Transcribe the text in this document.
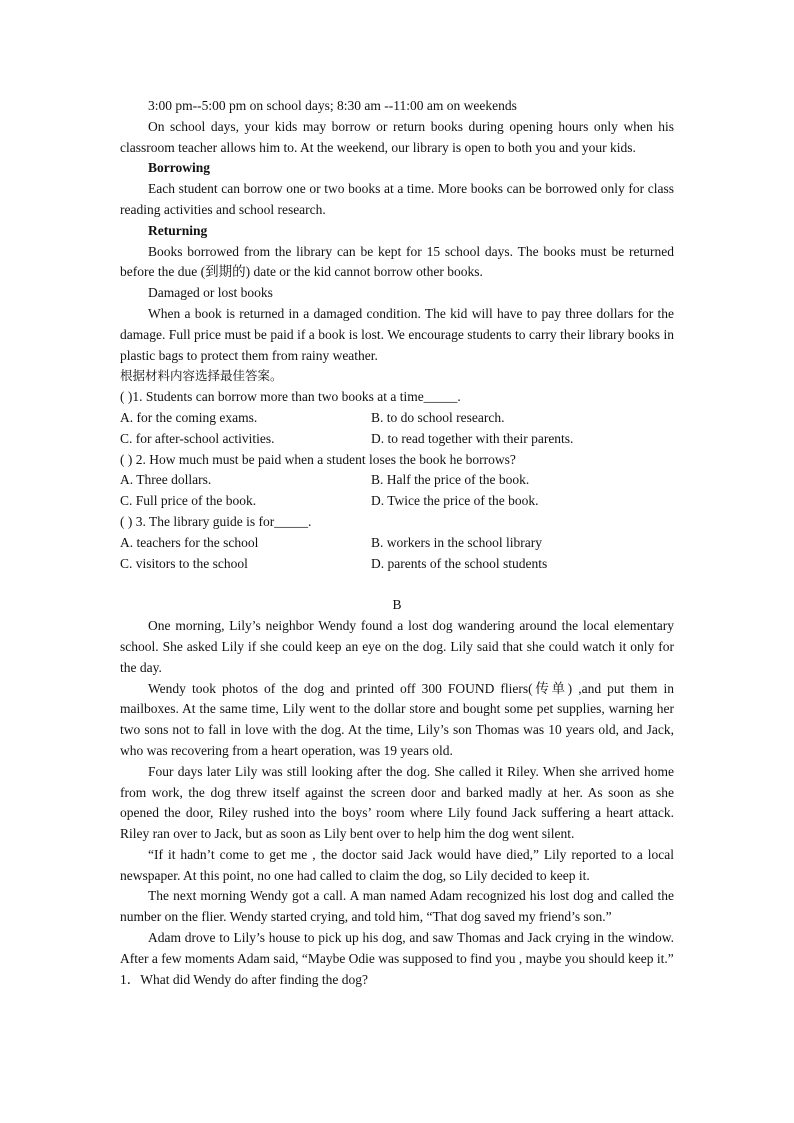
3:00 pm--5:00 pm on school days; 8:30 am --11:00 am on weekends

On school days, your kids may borrow or return books during opening hours only when his classroom teacher allows him to. At the weekend, our library is open to both you and your kids.

Borrowing

Each student can borrow one or two books at a time. More books can be borrowed only for class reading activities and school research.

Returning

Books borrowed from the library can be kept for 15 school days. The books must be returned before the due (到期的) date or the kid cannot borrow other books.

Damaged or lost books

When a book is returned in a damaged condition. The kid will have to pay three dollars for the damage. Full price must be paid if a book is lost. We encourage students to carry their library books in plastic bags to protect them from rainy weather.

根据材料内容选择最佳答案。

( )1. Students can borrow more than two books at a time_____.

A. for the coming exams.	B. to do school research.
C. for after-school activities.	D. to read together with their parents.

( ) 2. How much must be paid when a student loses the book he borrows?

A. Three dollars.	B. Half the price of the book.
C. Full price of the book.	D. Twice the price of the book.

( ) 3. The library guide is for_____.

A. teachers for the school	B. workers in the school library
C. visitors to the school	D. parents of the school students

B

One morning, Lily’s neighbor Wendy found a lost dog wandering around the local elementary school. She asked Lily if she could keep an eye on the dog. Lily said that she could watch it only for the day.

Wendy took photos of the dog and printed off 300 FOUND fliers(传单) ,and put them in mailboxes. At the same time, Lily went to the dollar store and bought some pet supplies, warning her two sons not to fall in love with the dog. At the time, Lily’s son Thomas was 10 years old, and Jack, who was recovering from a heart operation, was 19 years old.

Four days later Lily was still looking after the dog. She called it Riley. When she arrived home from work, the dog threw itself against the screen door and barked madly at her. As soon as she opened the door, Riley rushed into the boys’ room where Lily found Jack suffering a heart attack. Riley ran over to Jack, but as soon as Lily bent over to help him the dog went silent.

“If it hadn’t come to get me , the doctor said Jack would have died,” Lily reported to a local newspaper. At this point, no one had called to claim the dog, so Lily decided to keep it.

The next morning Wendy got a call. A man named Adam recognized his lost dog and called the number on the flier. Wendy started crying, and told him, “That dog saved my friend’s son.”

Adam drove to Lily’s house to pick up his dog, and saw Thomas and Jack crying in the window. After a few moments Adam said, “Maybe Odie was supposed to find you , maybe you should keep it.”

1．What did Wendy do after finding the dog?
